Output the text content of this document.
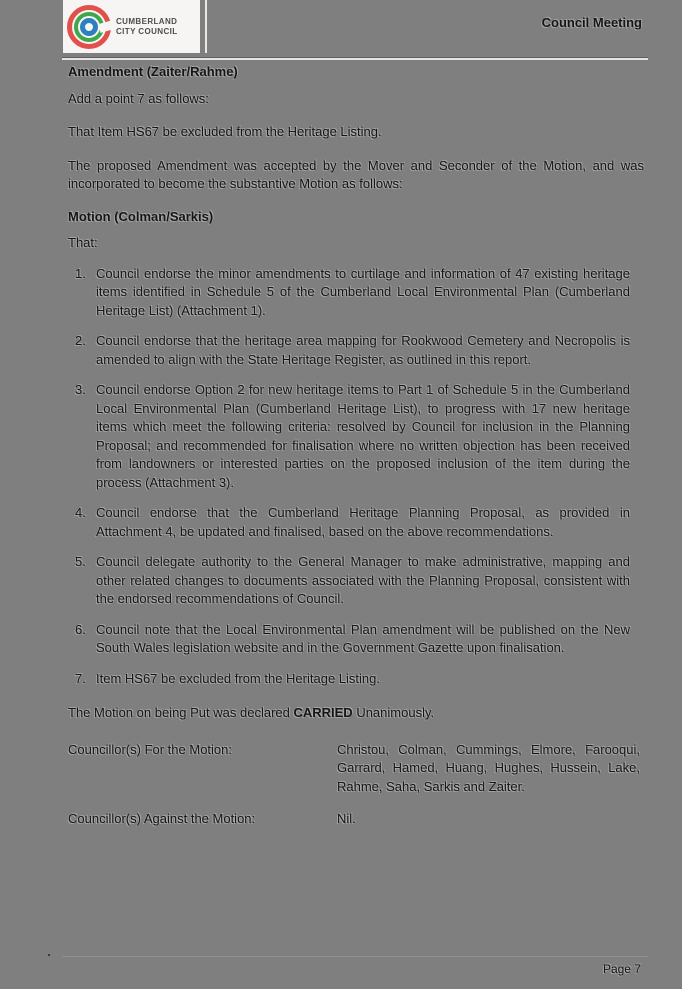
CUMBERLAND
CITY COUNCIL
Council Meeting

Amendment (Zaiter/Rahme)

Add a point 7 as follows:

That Item HS67 be excluded from the Heritage Listing.

The proposed Amendment was accepted by the Mover and Seconder of the Motion, and was incorporated to become the substantive Motion as follows:

Motion (Colman/Sarkis)

That:

1. Council endorse the minor amendments to curtilage and information of 47 existing heritage items identified in Schedule 5 of the Cumberland Local Environmental Plan (Cumberland Heritage List) (Attachment 1).
2. Council endorse that the heritage area mapping for Rookwood Cemetery and Necropolis is amended to align with the State Heritage Register, as outlined in this report.
3. Council endorse Option 2 for new heritage items to Part 1 of Schedule 5 in the Cumberland Local Environmental Plan (Cumberland Heritage List), to progress with 17 new heritage items which meet the following criteria: resolved by Council for inclusion in the Planning Proposal; and recommended for finalisation where no written objection has been received from landowners or interested parties on the proposed inclusion of the item during the process (Attachment 3).
4. Council endorse that the Cumberland Heritage Planning Proposal, as provided in Attachment 4, be updated and finalised, based on the above recommendations.
5. Council delegate authority to the General Manager to make administrative, mapping and other related changes to documents associated with the Planning Proposal, consistent with the endorsed recommendations of Council.
6. Council note that the Local Environmental Plan amendment will be published on the New South Wales legislation website and in the Government Gazette upon finalisation.
7. Item HS67 be excluded from the Heritage Listing.

The Motion on being Put was declared CARRIED Unanimously.

Councillor(s) For the Motion:	Christou, Colman, Cummings, Elmore, Farooqui, Garrard, Hamed, Huang, Hughes, Hussein, Lake, Rahme, Saha, Sarkis and Zaiter.
Councillor(s) Against the Motion:	Nil.
Page 7
